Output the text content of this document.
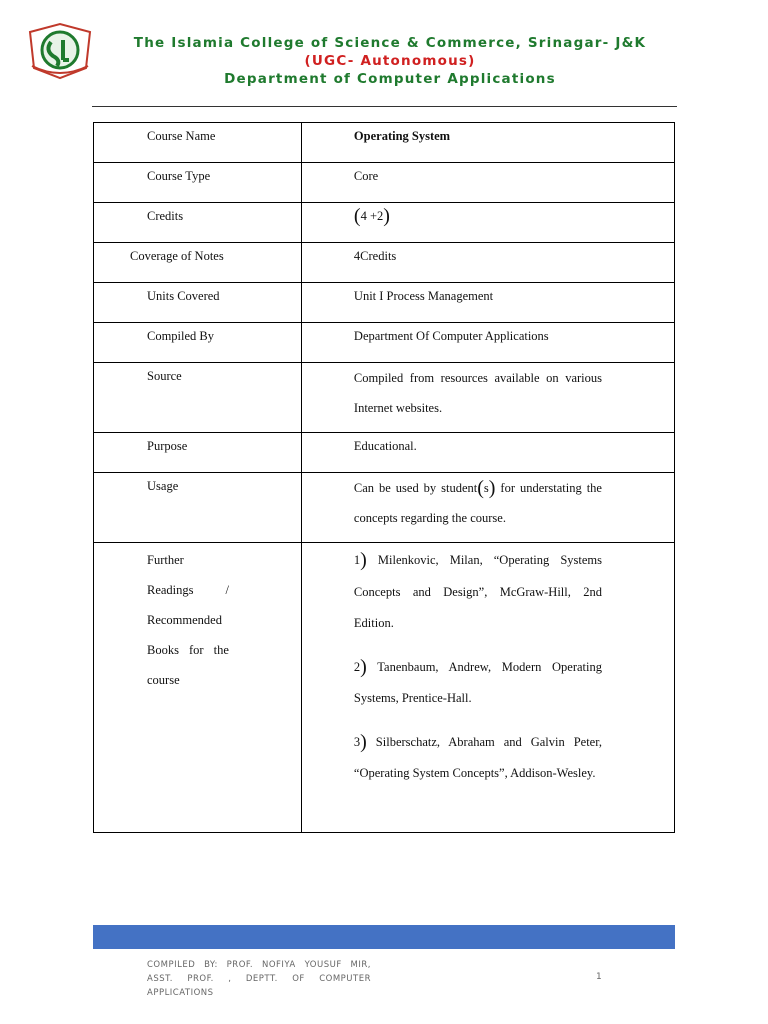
The Islamia College of Science & Commerce, Srinagar- J&K
(UGC- Autonomous)
Department of Computer Applications
Course Name	Operating System

Course Type	Core

Credits	(4 +2)

Coverage of Notes	4Credits

Units Covered	Unit I Process Management

Compiled By	Department Of Computer Applications

Source	Compiled from resources available on various Internet websites.

Purpose	Educational.

Usage	Can be used by student(s) for understating the concepts regarding the course.

Further Readings / Recommended Books for the course	1) Milenkovic, Milan, “Operating Systems Concepts and Design”, McGraw-Hill, 2nd Edition.
2) Tanenbaum, Andrew, Modern Operating Systems, Prentice-Hall.
3) Silberschatz, Abraham and Galvin Peter, “Operating System Concepts”, Addison-Wesley.
COMPILED BY: PROF. NOFIYA YOUSUF MIR, ASST. PROF. , DEPTT. OF COMPUTER APPLICATIONS
1
